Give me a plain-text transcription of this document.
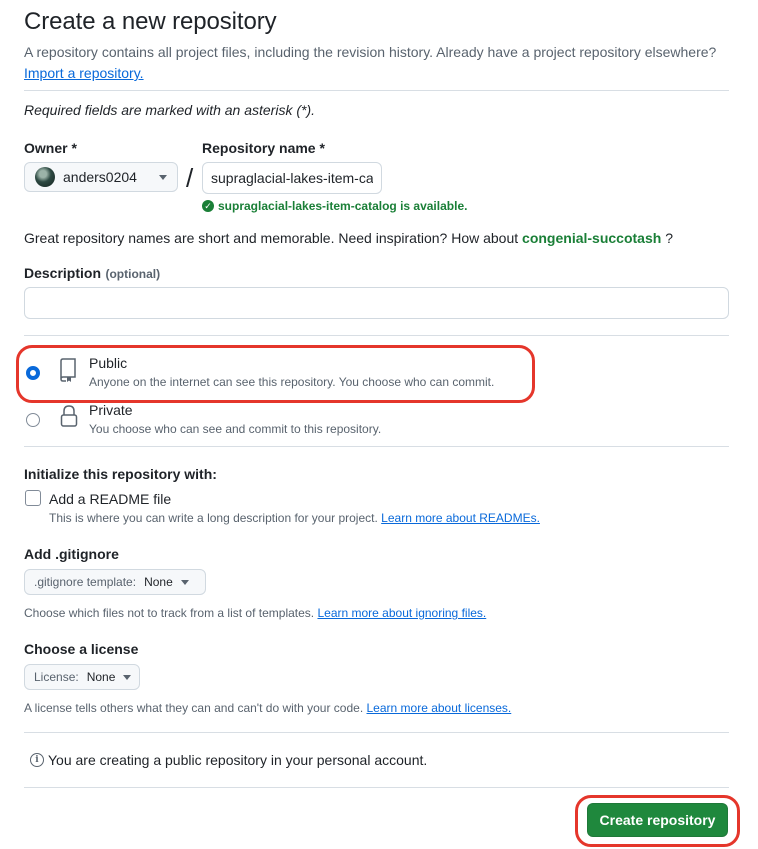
Create a new repository
A repository contains all project files, including the revision history. Already have a project repository elsewhere? Import a repository.
Required fields are marked with an asterisk (*).
Owner *	Repository name *
anders0204	/
supraglacial-lakes-item-catalog
✓ supraglacial-lakes-item-catalog is available.
Great repository names are short and memorable. Need inspiration? How about congenial-succotash ?
Description (optional)
Public
Anyone on the internet can see this repository. You choose who can commit.
Private
You choose who can see and commit to this repository.
Initialize this repository with:
Add a README file
This is where you can write a long description for your project. Learn more about READMEs.
Add .gitignore
.gitignore template: None
Choose which files not to track from a list of templates. Learn more about ignoring files.
Choose a license
License: None
A license tells others what they can and can't do with your code. Learn more about licenses.
i You are creating a public repository in your personal account.
Create repository
